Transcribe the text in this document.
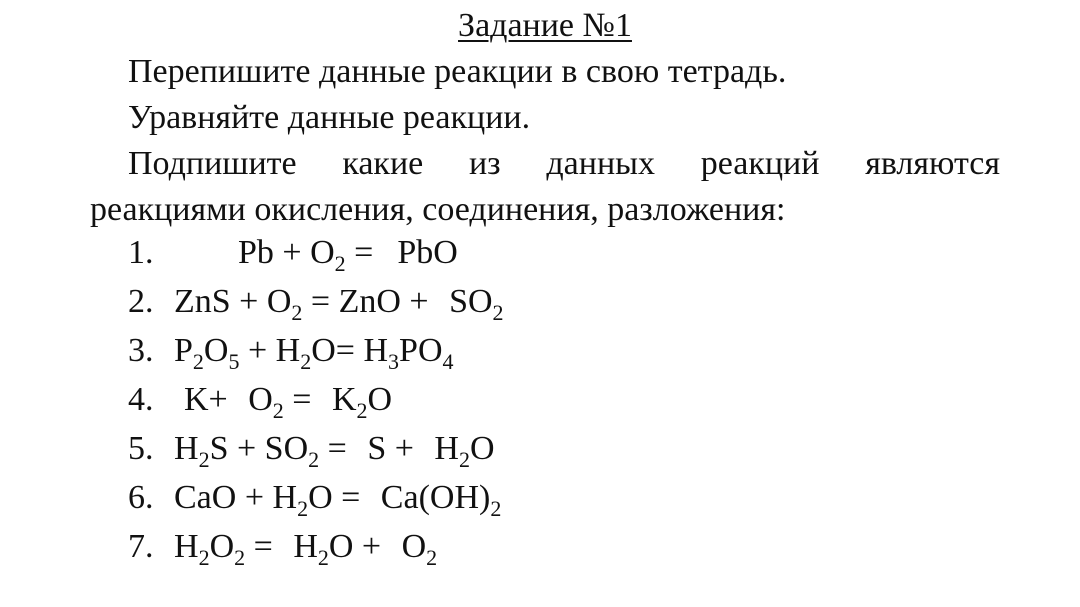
Задание №1
Перепишите данные реакции в свою тетрадь.
Уравняйте данные реакции.
Подпишите какие из данных реакций являются
реакциями окисления, соединения, разложения:
1. $Pb + O_2$ = PbO
2. ZnS + $O_2$ = ZnO + $SO_2$
3. $P_2O_5 + H_2O= H_3PO_4$
4. $K+ O_2 = K_2O$
5. $H_2S + SO_2 = S + H_2O$
6. CaO + $H_2O = Ca(OH)_2$
7. $H_2O_2 = H_2O + O_2$
